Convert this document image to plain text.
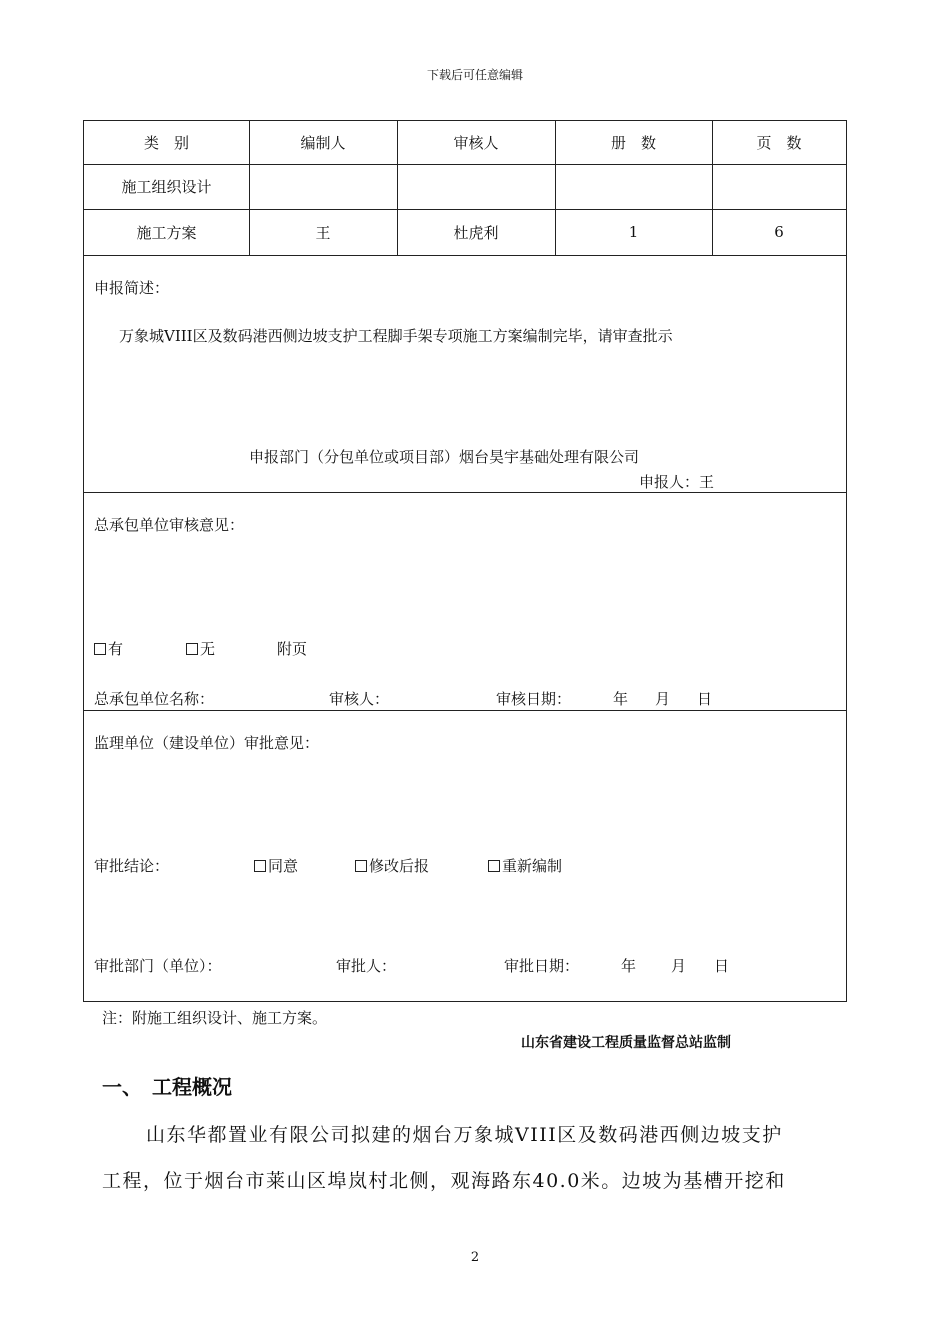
下载后可任意编辑
类　别	编制人	审核人	册　数	页　数
施工组织设计
施工方案	王	杜虎利	1	6
申报简述：
万象城VIII区及数码港西侧边坡支护工程脚手架专项施工方案编制完毕，请审查批示
申报部门（分包单位或项目部）烟台昊宇基础处理有限公司
申报人：王
总承包单位审核意见：
有	无	附页
总承包单位名称：	审核人：	审核日期：	年 月 日
监理单位（建设单位）审批意见：
审批结论：	同意	修改后报	重新编制
审批部门（单位）：	审批人：	审批日期：	年 月 日
注：附施工组织设计、施工方案。
山东省建设工程质量监督总站监制
一、　工程概况
山东华都置业有限公司拟建的烟台万象城VIII区及数码港西侧边坡支护
工程，位于烟台市莱山区埠岚村北侧，观海路东40.0米。边坡为基槽开挖和
2
